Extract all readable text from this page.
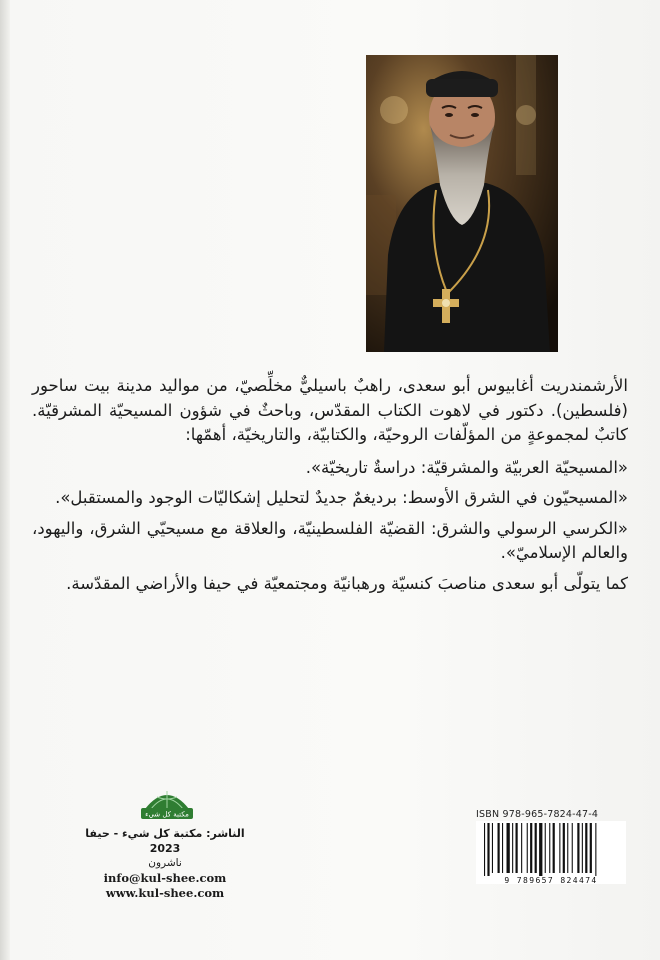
الأرشمندريت أغابيوس أبو سعدى، راهبٌ باسيليٌّ مخلِّصيّ، من مواليد مدينة بيت ساحور (فلسطين). دكتور في لاهوت الكتاب المقدّس، وباحثٌ في شؤون المسيحيّة المشرقيّة. كاتبٌ لمجموعةٍ من المؤلّفات الروحيّة، والكتابيّة، والتاريخيّة، أهمّها:

«المسيحيّة العربيّة والمشرقيّة: دراسةٌ تاريخيّة».

«المسيحيّون في الشرق الأوسط: برديغمٌ جديدٌ لتحليل إشكاليّات الوجود والمستقبل».

«الكرسي الرسولي والشرق: القضيّة الفلسطينيّة، والعلاقة مع مسيحيّي الشرق، واليهود، والعالم الإسلاميّ».

كما يتولّى أبو سعدى مناصبَ كنسيّة ورهبانيّة ومجتمعيّة في حيفا والأراضي المقدّسة.

مكتبة كل شيء
الناشر: مكتبة كل شيء - حيفا 2023
ناشرون
info@kul-shee.com
www.kul-shee.com
ISBN 978-965-7824-47-4
9 789657 824474
